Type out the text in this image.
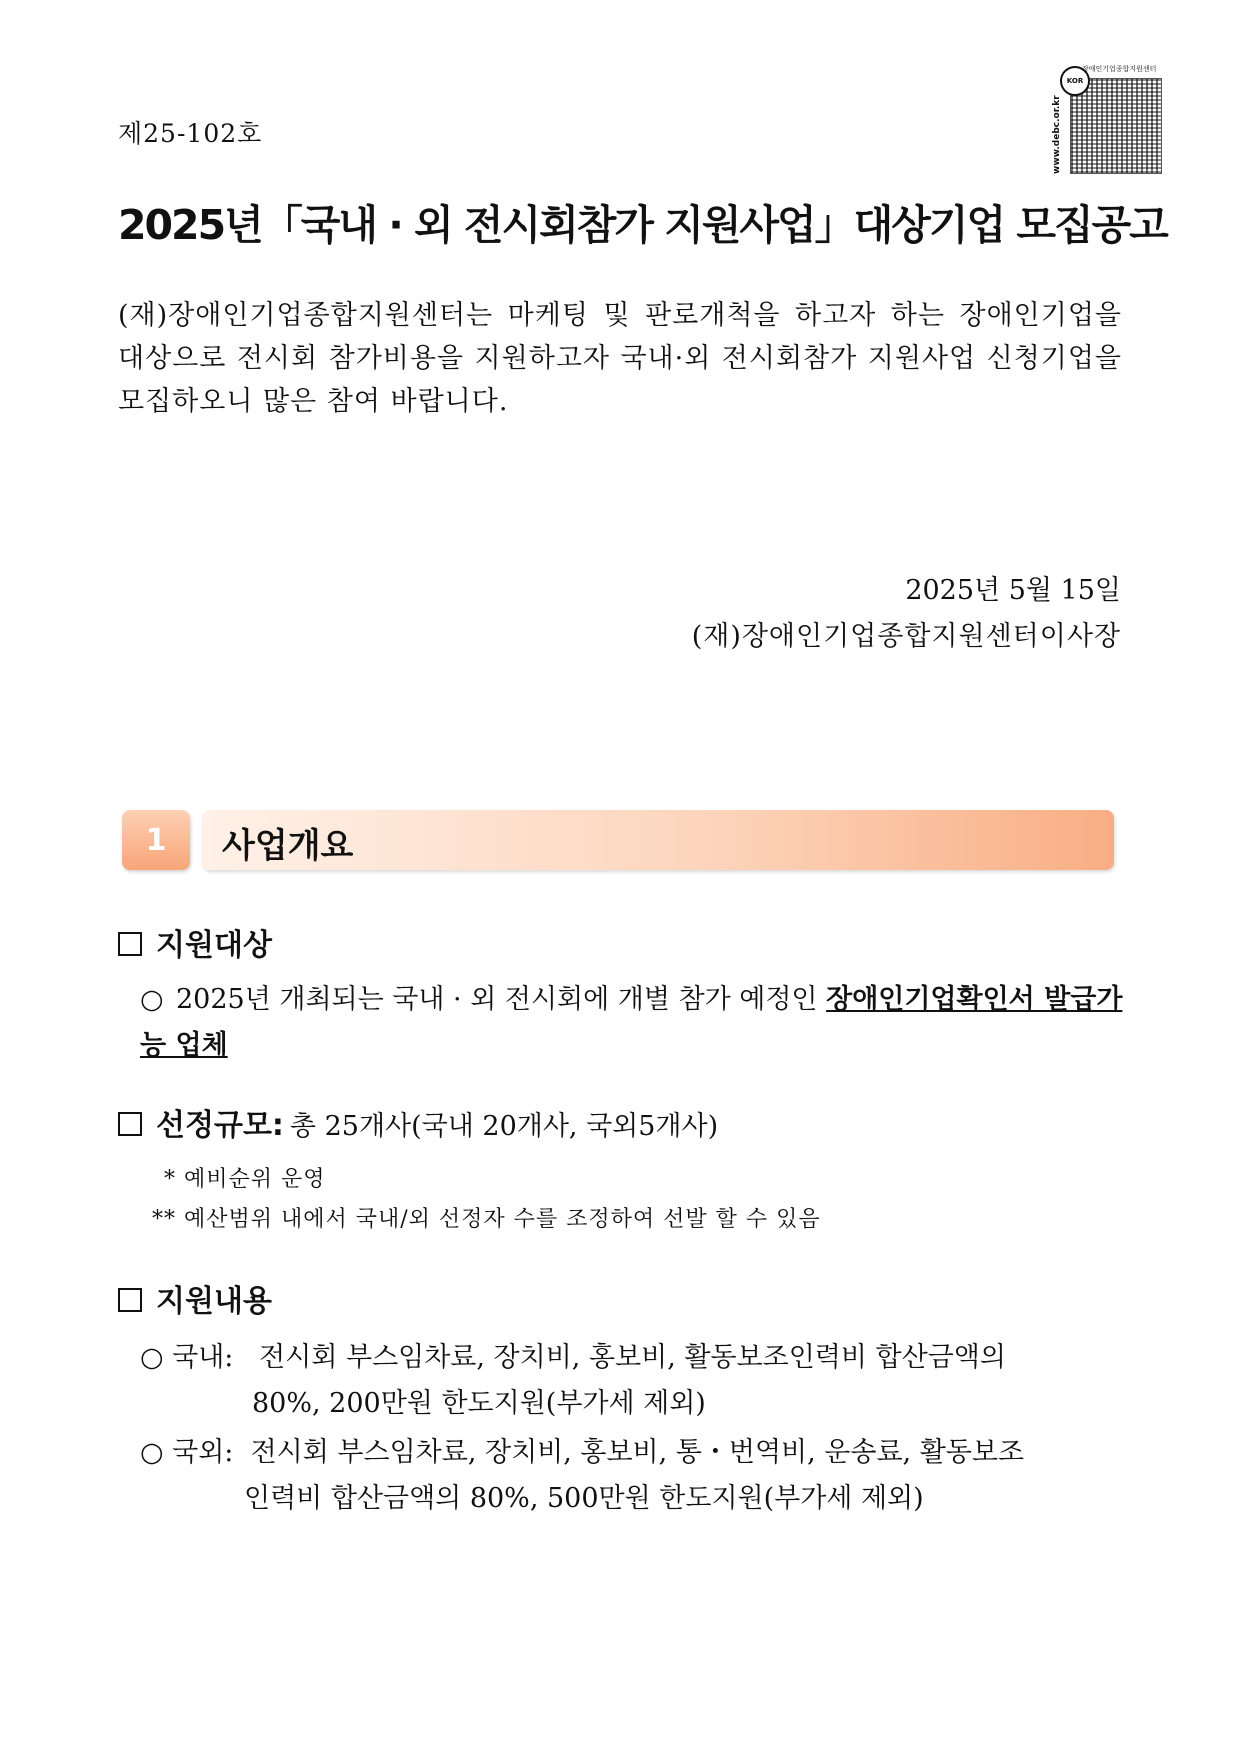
제25-102호
KOR
장애인기업종합지원센터
www.debc.or.kr
2025년「국내 · 외 전시회참가 지원사업」대상기업 모집공고
(재)장애인기업종합지원센터는 마케팅 및 판로개척을 하고자 하는 장애인기업을 대상으로 전시회 참가비용을 지원하고자 국내·외 전시회참가 지원사업 신청기업을 모집하오니 많은 참여 바랍니다.
2025년 5월 15일
(재)장애인기업종합지원센터이사장
1	사업개요
지원대상
○ 2025년 개최되는 국내 · 외 전시회에 개별 참가 예정인 장애인기업확인서 발급가능 업체
선정규모: 총 25개사(국내 20개사, 국외5개사)
* 예비순위 운영
** 예산범위 내에서 국내/외 선정자 수를 조정하여 선발 할 수 있음
지원내용
○ 국내: 전시회 부스임차료, 장치비, 홍보비, 활동보조인력비 합산금액의
80%, 200만원 한도지원(부가세 제외)
○ 국외: 전시회 부스임차료, 장치비, 홍보비, 통・번역비, 운송료, 활동보조
인력비 합산금액의 80%, 500만원 한도지원(부가세 제외)
